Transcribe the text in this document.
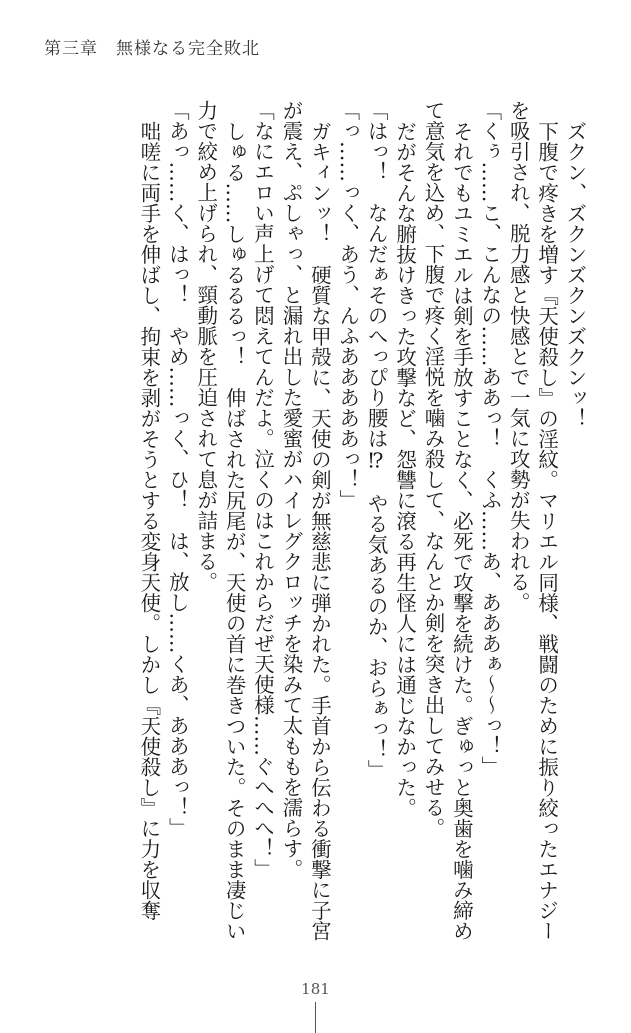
第三章　無様なる完全敗北

ズクン、ズクンズクンズクンッ！

下腹で疼きを増す『天使殺し』の淫紋。マリエル同様、戦闘のために振り絞ったエナジーを吸引され、脱力感と快感とで一気に攻勢が失われる。

「くぅ……こ、こんなの……ああっ！　くふ……あ、あああぁ〜〜っ！」

それでもユミエルは剣を手放すことなく、必死で攻撃を続けた。ぎゅっと奥歯を噛み締めて意気を込め、下腹で疼く淫悦を噛み殺して、なんとか剣を突き出してみせる。

だがそんな腑抜けきった攻撃など、怨讐に滾る再生怪人には通じなかった。

「はっ！　なんだぁそのへっぴり腰は⁉　やる気あるのか、おらぁっ！」

「っ……っく、あう、んふあああああっ！」

ガキィンッ！　硬質な甲殻に、天使の剣が無慈悲に弾かれた。手首から伝わる衝撃に子宮が震え、ぷしゃっ、と漏れ出した愛蜜がハイレグクロッチを染みて太ももを濡らす。

「なにエロい声上げて悶えてんだよ。泣くのはこれからだぜ天使様……ぐへへへ！」

しゅる……しゅるるるっ！　伸ばされた尻尾が、天使の首に巻きついた。そのまま凄じい力で絞め上げられ、頸動脈を圧迫されて息が詰まる。

「あっ……く、はっ！　やめ……っく、ひ！　は、放し……くあ、あああっ！」

咄嗟に両手を伸ばし、拘束を剥がそうとする変身天使。しかし『天使殺し』に力を収奪

181
